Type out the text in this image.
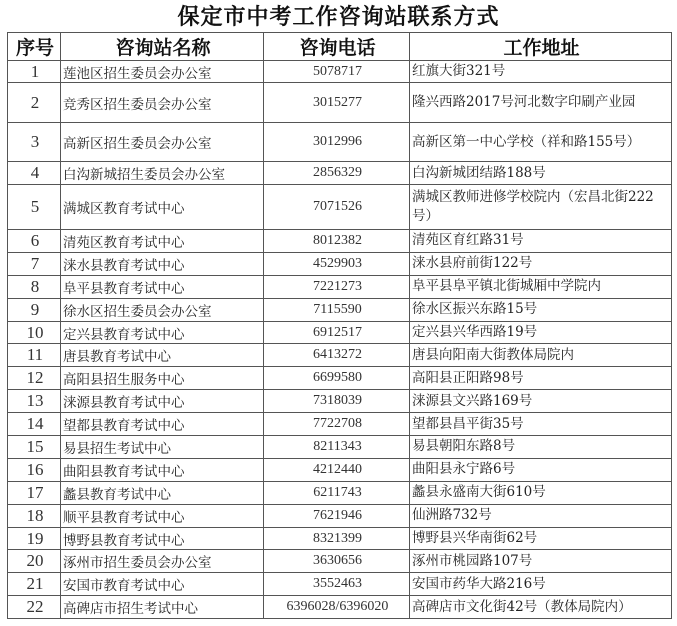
保定市中考工作咨询站联系方式
序号	咨询站名称	咨询电话	工作地址
1	莲池区招生委员会办公室	5078717	红旗大街321号
2	竞秀区招生委员会办公室	3015277	隆兴西路2017号河北数字印刷产业园
3	高新区招生委员会办公室	3012996	高新区第一中心学校（祥和路155号）
4	白沟新城招生委员会办公室	2856329	白沟新城团结路188号
5	满城区教育考试中心	7071526	满城区教师进修学校院内（宏昌北街222号）
6	清苑区教育考试中心	8012382	清苑区育红路31号
7	涞水县教育考试中心	4529903	涞水县府前街122号
8	阜平县教育考试中心	7221273	阜平县阜平镇北街城厢中学院内
9	徐水区招生委员会办公室	7115590	徐水区振兴东路15号
10	定兴县教育考试中心	6912517	定兴县兴华西路19号
11	唐县教育考试中心	6413272	唐县向阳南大街教体局院内
12	高阳县招生服务中心	6699580	高阳县正阳路98号
13	涞源县教育考试中心	7318039	涞源县文兴路169号
14	望都县教育考试中心	7722708	望都县昌平街35号
15	易县招生考试中心	8211343	易县朝阳东路8号
16	曲阳县教育考试中心	4212440	曲阳县永宁路6号
17	蠡县教育考试中心	6211743	蠡县永盛南大街610号
18	顺平县教育考试中心	7621946	仙洲路732号
19	博野县教育考试中心	8321399	博野县兴华南街62号
20	涿州市招生委员会办公室	3630656	涿州市桃园路107号
21	安国市教育考试中心	3552463	安国市药华大路216号
22	高碑店市招生考试中心	6396028/6396020	高碑店市文化街42号（教体局院内）
